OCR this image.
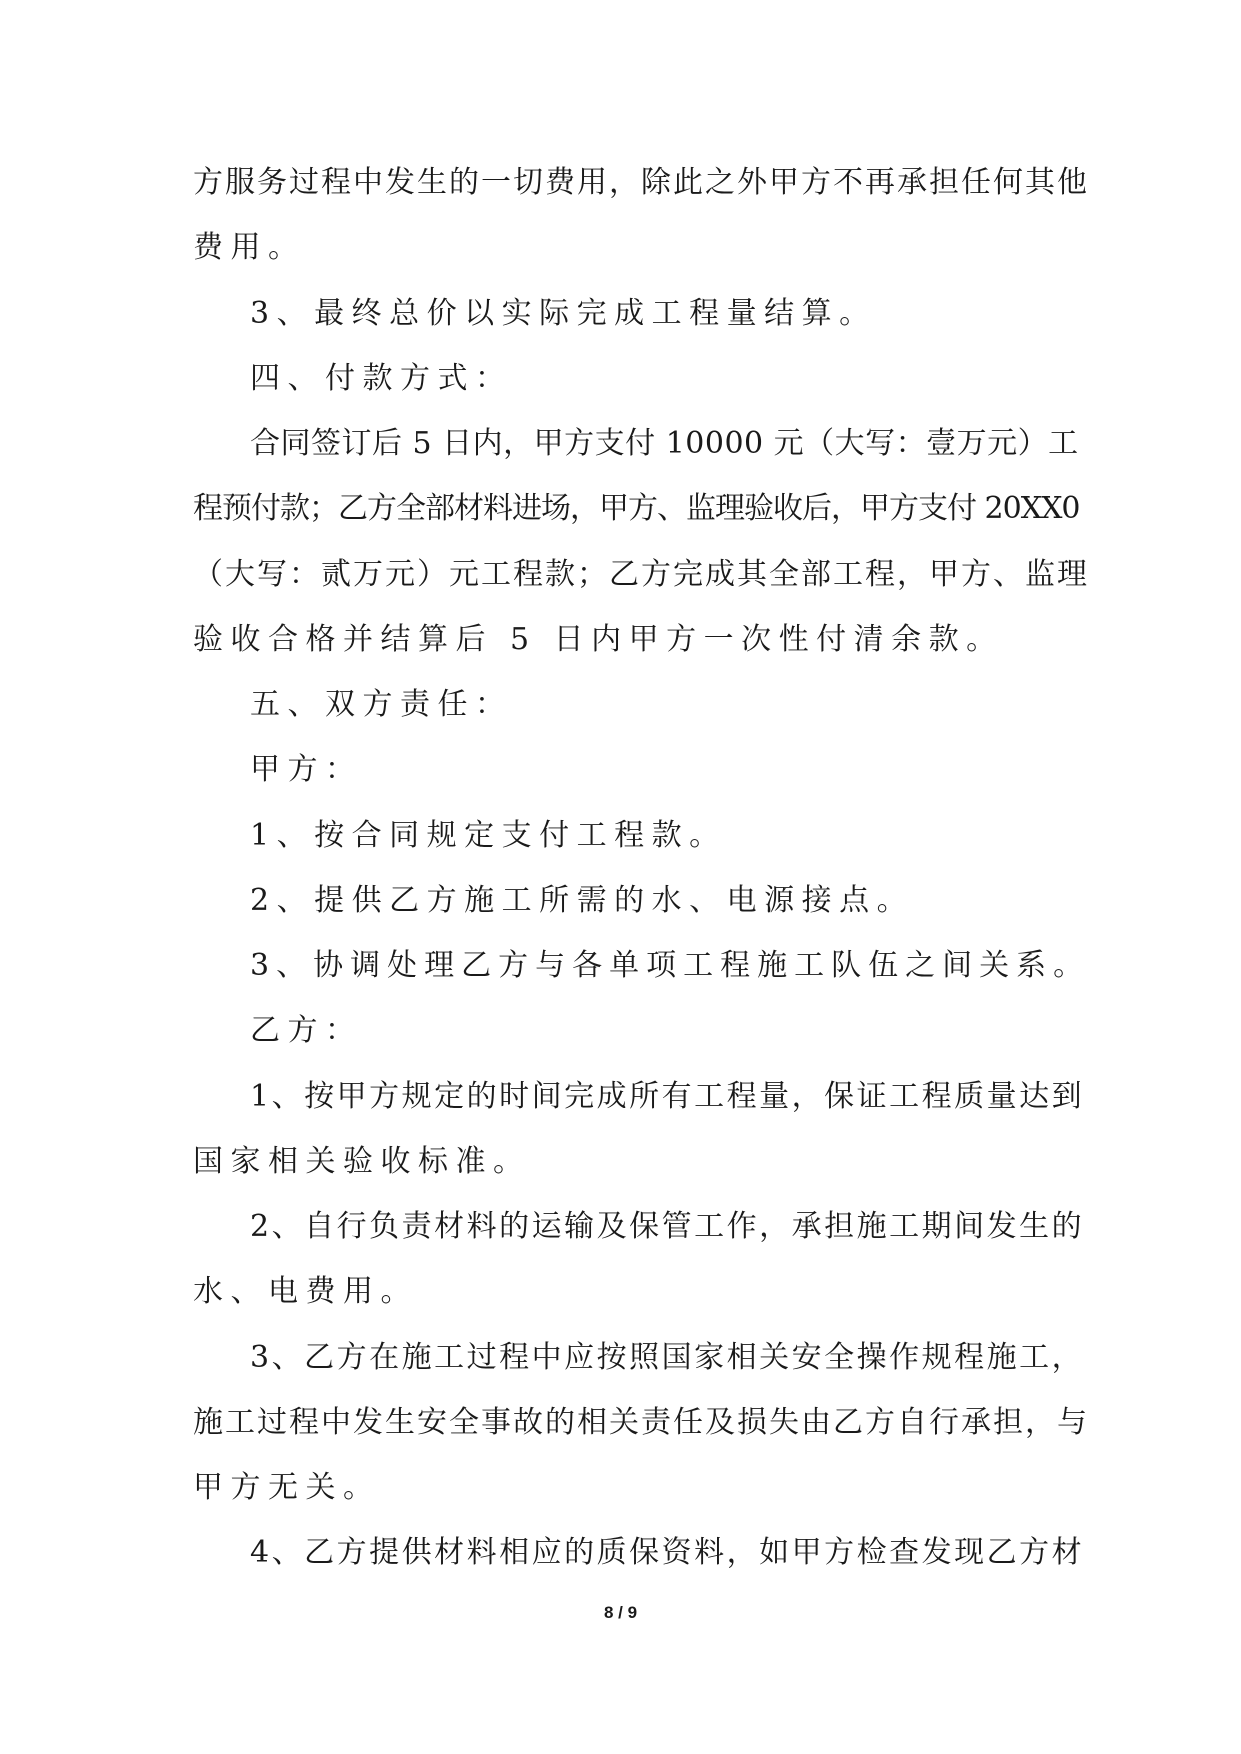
方服务过程中发生的一切费用，除此之外甲方不再承担任何其他

费用。

3、最终总价以实际完成工程量结算。

四、付款方式：

合同签订后 5 日内，甲方支付 10000 元（大写：壹万元）工

程预付款；乙方全部材料进场，甲方、监理验收后，甲方支付 20XX0

（大写：贰万元）元工程款；乙方完成其全部工程，甲方、监理

验收合格并结算后 5 日内甲方一次性付清余款。

五、双方责任：

甲方：

1、按合同规定支付工程款。

2、提供乙方施工所需的水、电源接点。

3、协调处理乙方与各单项工程施工队伍之间关系。

乙方：

1、按甲方规定的时间完成所有工程量，保证工程质量达到

国家相关验收标准。

2、自行负责材料的运输及保管工作，承担施工期间发生的

水、电费用。

3、乙方在施工过程中应按照国家相关安全操作规程施工，

施工过程中发生安全事故的相关责任及损失由乙方自行承担，与

甲方无关。

4、乙方提供材料相应的质保资料，如甲方检查发现乙方材

8 / 9
